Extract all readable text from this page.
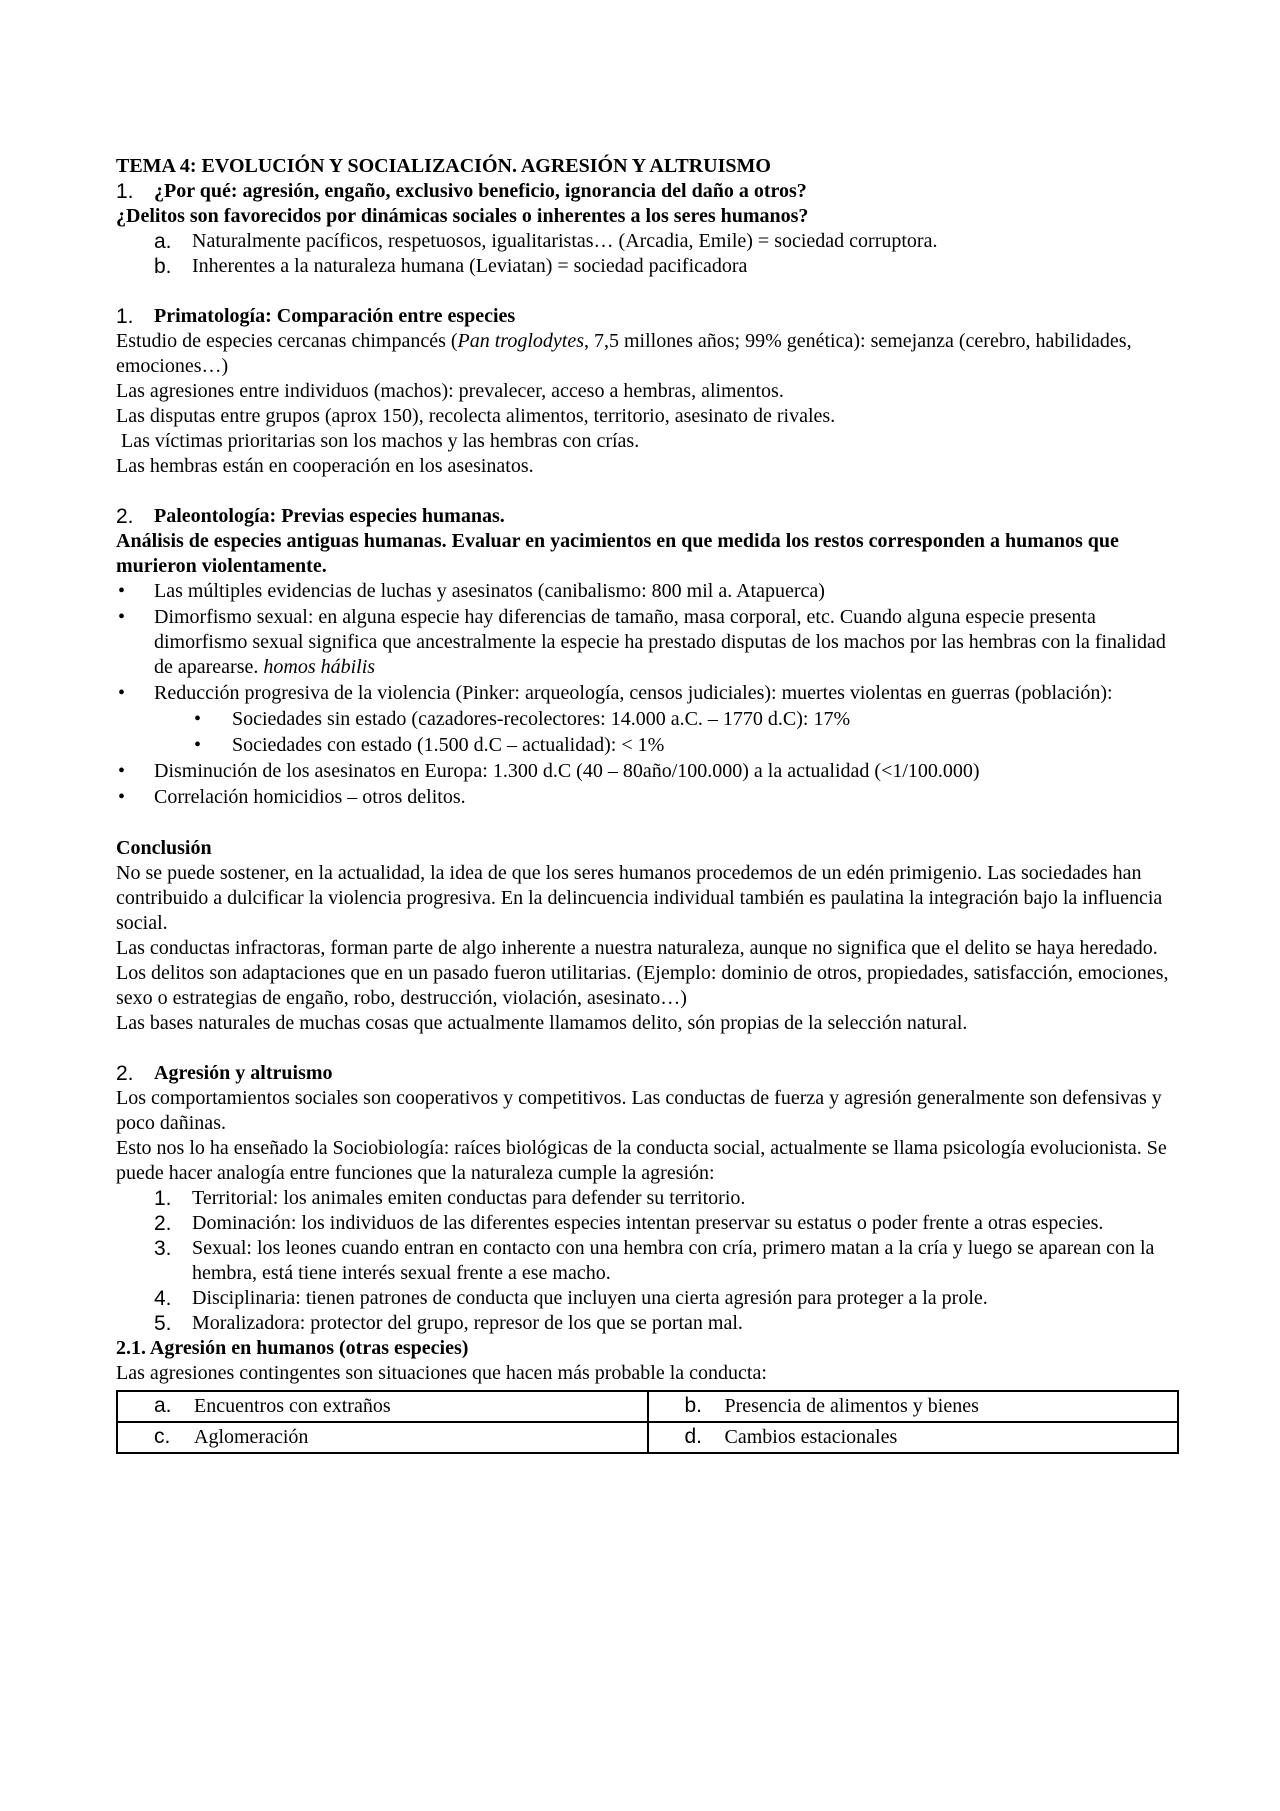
TEMA 4: EVOLUCIÓN Y SOCIALIZACIÓN. AGRESIÓN Y ALTRUISMO

1.	¿Por qué: agresión, engaño, exclusivo beneficio, ignorancia del daño a otros?

¿Delitos son favorecidos por dinámicas sociales o inherentes a los seres humanos?

a.	Naturalmente pacíficos, respetuosos, igualitaristas… (Arcadia, Emile) = sociedad corruptora.
b.	Inherentes a la naturaleza humana (Leviatan) = sociedad pacificadora
1.	Primatología: Comparación entre especies

Estudio de especies cercanas chimpancés (Pan troglodytes, 7,5 millones años; 99% genética): semejanza (cerebro, habilidades, emociones…)

Las agresiones entre individuos (machos): prevalecer, acceso a hembras, alimentos.

Las disputas entre grupos (aprox 150), recolecta alimentos, territorio, asesinato de rivales.

Las víctimas prioritarias son los machos y las hembras con crías.

Las hembras están en cooperación en los asesinatos.

2.	Paleontología: Previas especies humanas.

Análisis de especies antiguas humanas. Evaluar en yacimientos en que medida los restos corresponden a humanos que murieron violentamente.

•	Las múltiples evidencias de luchas y asesinatos (canibalismo: 800 mil a. Atapuerca)
•	Dimorfismo sexual: en alguna especie hay diferencias de tamaño, masa corporal, etc. Cuando alguna especie presenta dimorfismo sexual significa que ancestralmente la especie ha prestado disputas de los machos por las hembras con la finalidad de aparearse. homos hábilis
•	Reducción progresiva de la violencia (Pinker: arqueología, censos judiciales): muertes violentas en guerras (población):
•	Sociedades sin estado (cazadores-recolectores: 14.000 a.C. – 1770 d.C): 17%
•	Sociedades con estado (1.500 d.C – actualidad): < 1%
•	Disminución de los asesinatos en Europa: 1.300 d.C (40 – 80año/100.000) a la actualidad (<1/100.000)
•	Correlación homicidios – otros delitos.

Conclusión

No se puede sostener, en la actualidad, la idea de que los seres humanos procedemos de un edén primigenio. Las sociedades han contribuido a dulcificar la violencia progresiva. En la delincuencia individual también es paulatina la integración bajo la influencia social.

Las conductas infractoras, forman parte de algo inherente a nuestra naturaleza, aunque no significa que el delito se haya heredado. Los delitos son adaptaciones que en un pasado fueron utilitarias. (Ejemplo: dominio de otros, propiedades, satisfacción, emociones, sexo o estrategias de engaño, robo, destrucción, violación, asesinato…)

Las bases naturales de muchas cosas que actualmente llamamos delito, són propias de la selección natural.

2.	Agresión y altruismo

Los comportamientos sociales son cooperativos y competitivos. Las conductas de fuerza y agresión generalmente son defensivas y poco dañinas.

Esto nos lo ha enseñado la Sociobiología: raíces biológicas de la conducta social, actualmente se llama psicología evolucionista. Se puede hacer analogía entre funciones que la naturaleza cumple la agresión:

1.	Territorial: los animales emiten conductas para defender su territorio.
2.	Dominación: los individuos de las diferentes especies intentan preservar su estatus o poder frente a otras especies.
3.	Sexual: los leones cuando entran en contacto con una hembra con cría, primero matan a la cría y luego se aparean con la hembra, está tiene interés sexual frente a ese macho.
4.	Disciplinaria: tienen patrones de conducta que incluyen una cierta agresión para proteger a la prole.
5.	Moralizadora: protector del grupo, represor de los que se portan mal.

2.1. Agresión en humanos (otras especies)

Las agresiones contingentes son situaciones que hacen más probable la conducta:

a. Encuentros con extraños	b. Presencia de alimentos y bienes
c. Aglomeración	d. Cambios estacionales
